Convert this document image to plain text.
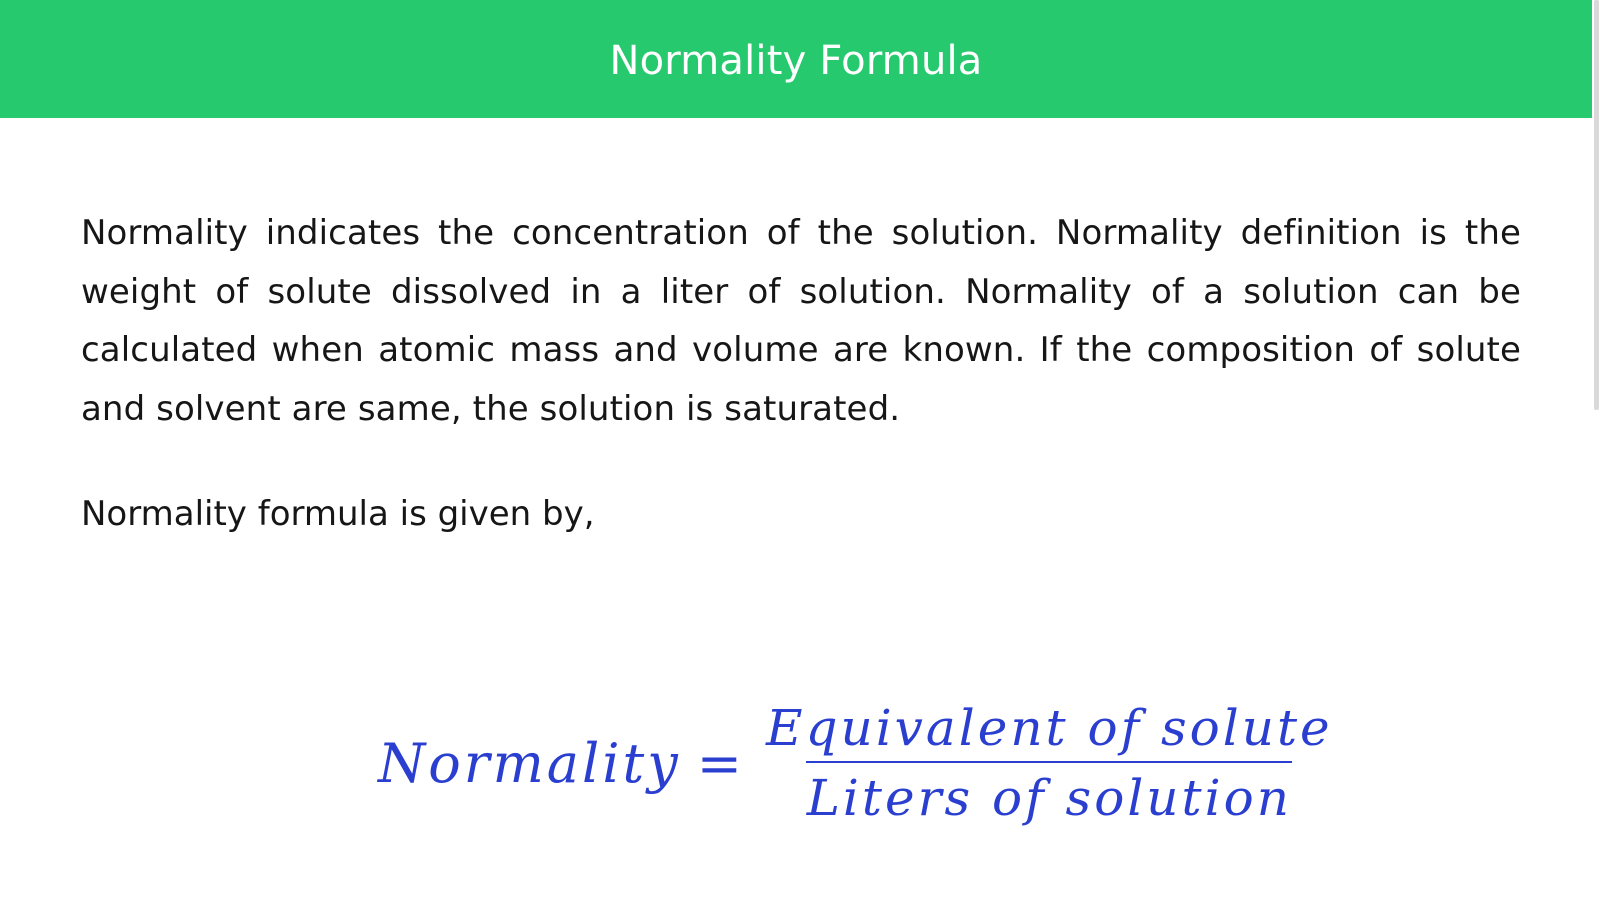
Normality Formula

Normality indicates the concentration of the solution. Normality definition is the weight of solute dissolved in a liter of solution. Normality of a solution can be calculated when atomic mass and volume are known. If the composition of solute and solvent are same, the solution is saturated.

Normality formula is given by,

Normality = $\frac{\text{Equivalent of solute}}{\text{Liters of solution}}$
